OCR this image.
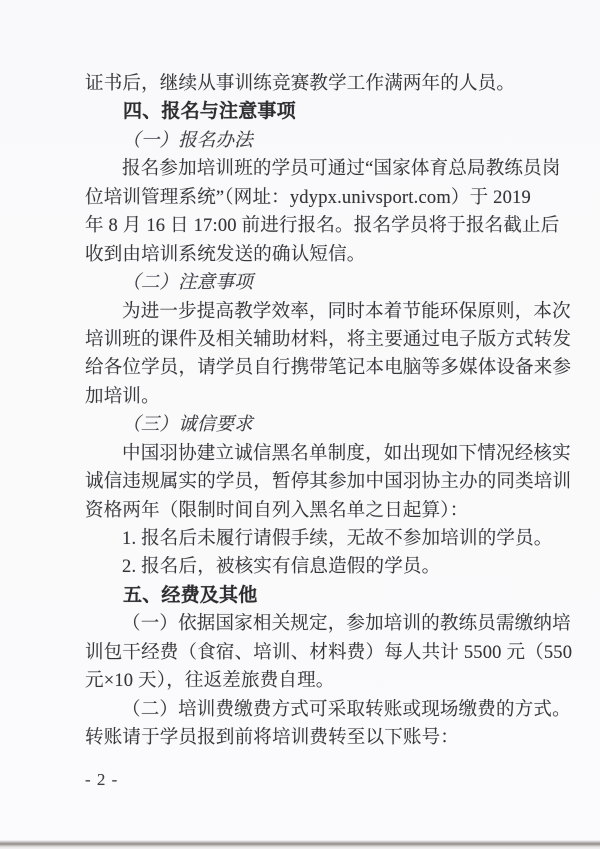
证书后，继续从事训练竞赛教学工作满两年的人员。
四、报名与注意事项
（一）报名办法
报名参加培训班的学员可通过“国家体育总局教练员岗
位培训管理系统”（网址：ydypx.univsport.com）于 2019
年 8 月 16 日 17:00 前进行报名。报名学员将于报名截止后
收到由培训系统发送的确认短信。
（二）注意事项
为进一步提高教学效率，同时本着节能环保原则，本次
培训班的课件及相关辅助材料，将主要通过电子版方式转发
给各位学员，请学员自行携带笔记本电脑等多媒体设备来参
加培训。
（三）诚信要求
中国羽协建立诚信黑名单制度，如出现如下情况经核实
诚信违规属实的学员，暂停其参加中国羽协主办的同类培训
资格两年（限制时间自列入黑名单之日起算）：
1. 报名后未履行请假手续，无故不参加培训的学员。
2. 报名后，被核实有信息造假的学员。
五、经费及其他
（一）依据国家相关规定，参加培训的教练员需缴纳培
训包干经费（食宿、培训、材料费）每人共计 5500 元（550
元×10 天），往返差旅费自理。
（二）培训费缴费方式可采取转账或现场缴费的方式。
转账请于学员报到前将培训费转至以下账号：
- 2 -
